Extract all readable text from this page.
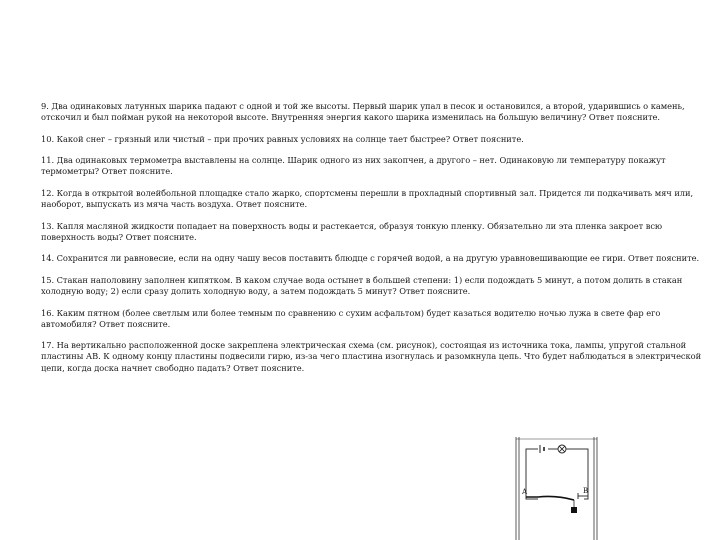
9. Два одинаковых латунных шарика падают с одной и той же высоты. Первый шарик упал в песок и остановился, а второй, ударившись о камень, отскочил и был пойман рукой на некоторой высоте. Внутренняя энергия какого шарика изменилась на большую величину? Ответ поясните.

10. Какой снег – грязный или чистый – при прочих равных условиях на солнце тает быстрее? Ответ поясните.

11. Два одинаковых термометра выставлены на солнце. Шарик одного из них закопчен, а другого – нет. Одинаковую ли температуру покажут термометры? Ответ поясните.

12. Когда в открытой волейбольной площадке стало жарко, спортсмены перешли в прохладный спортивный зал. Придется ли подкачивать мяч или, наоборот, выпускать из мяча часть воздуха. Ответ поясните.

13. Капля масляной жидкости попадает на поверхность воды и растекается, образуя тонкую пленку. Обязательно ли эта пленка закроет всю поверхность воды? Ответ поясните.

14. Сохранится ли равновесие, если на одну чашу весов поставить блюдце с горячей водой, а на другую уравновешивающие ее гири. Ответ поясните.

15. Стакан наполовину заполнен кипятком. В каком случае вода остынет в большей степени: 1) если подождать 5 минут, а потом долить в стакан холодную воду; 2) если сразу долить холодную воду, а затем подождать 5 минут? Ответ поясните.

16. Каким пятном (более светлым или более темным по сравнению с сухим асфальтом) будет казаться водителю ночью лужа в свете фар его автомобиля? Ответ поясните.

17. На вертикально расположенной доске закреплена электрическая схема (см. рисунок), состоящая из источника тока, лампы, упругой стальной пластины АВ. К одному концу пластины подвесили гирю, из-за чего пластина изогнулась и разомкнула цепь. Что будет наблюдаться в электрической цепи, когда доска начнет свободно падать? Ответ поясните.

A	B
